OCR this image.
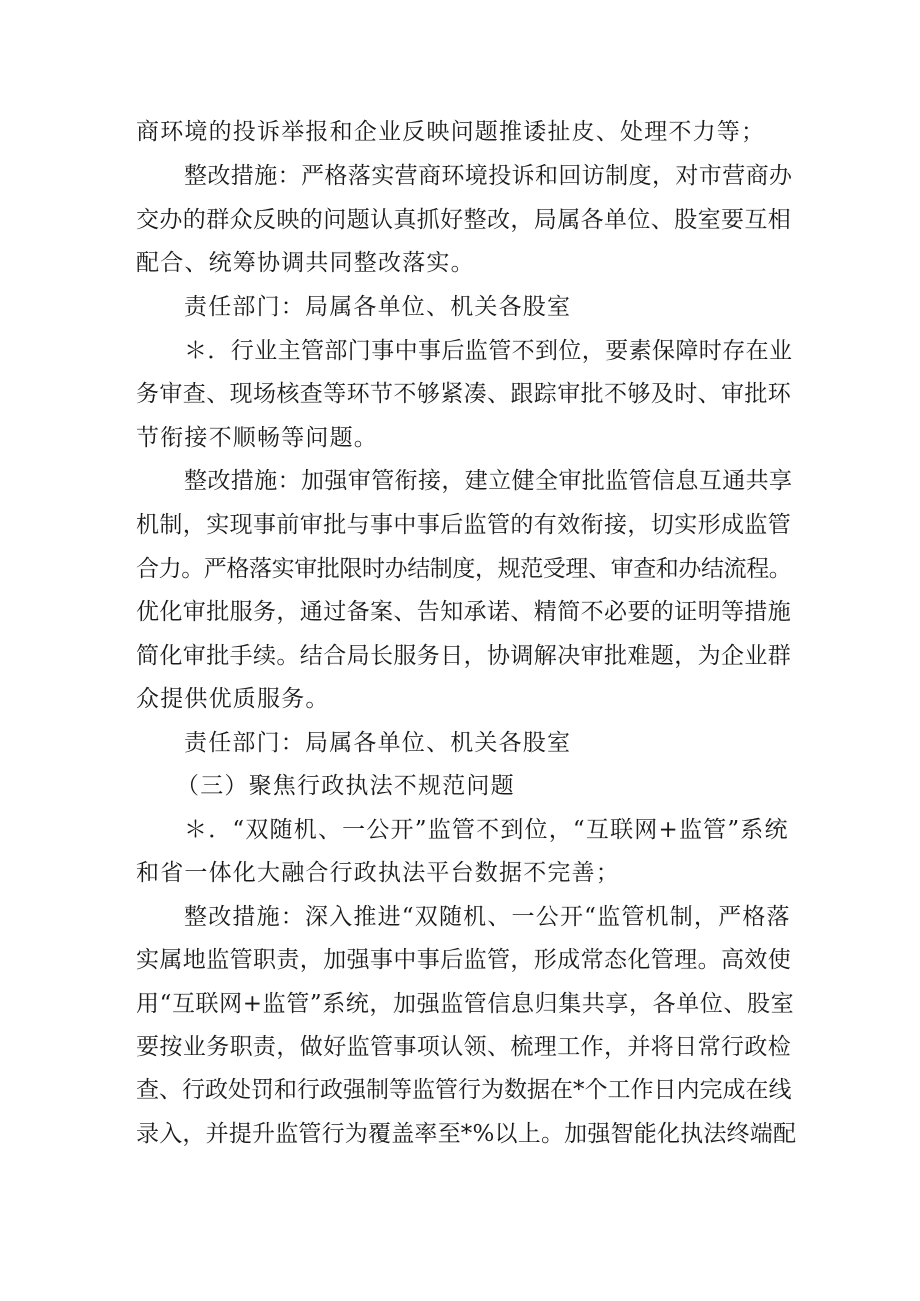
商环境的投诉举报和企业反映问题推诿扯皮、处理不力等；
整改措施：严格落实营商环境投诉和回访制度，对市营商办
交办的群众反映的问题认真抓好整改，局属各单位、股室要互相
配合、统筹协调共同整改落实。
责任部门：局属各单位、机关各股室
＊．行业主管部门事中事后监管不到位，要素保障时存在业
务审查、现场核查等环节不够紧凑、跟踪审批不够及时、审批环
节衔接不顺畅等问题。
整改措施：加强审管衔接，建立健全审批监管信息互通共享
机制，实现事前审批与事中事后监管的有效衔接，切实形成监管
合力。严格落实审批限时办结制度，规范受理、审查和办结流程。
优化审批服务，通过备案、告知承诺、精简不必要的证明等措施
简化审批手续。结合局长服务日，协调解决审批难题，为企业群
众提供优质服务。
责任部门：局属各单位、机关各股室
（三）聚焦行政执法不规范问题
＊．“双随机、一公开”监管不到位，“互联网+监管”系统
和省一体化大融合行政执法平台数据不完善；
整改措施：深入推进“双随机、一公开“监管机制，严格落
实属地监管职责，加强事中事后监管，形成常态化管理。高效使
用“互联网+监管”系统，加强监管信息归集共享，各单位、股室
要按业务职责，做好监管事项认领、梳理工作，并将日常行政检
查、行政处罚和行政强制等监管行为数据在*个工作日内完成在线
录入，并提升监管行为覆盖率至*%以上。加强智能化执法终端配
